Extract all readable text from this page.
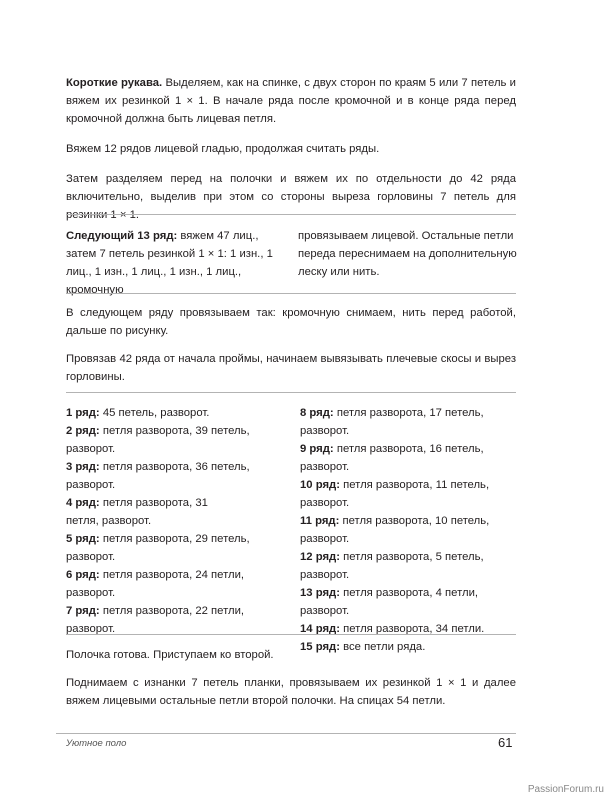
Короткие рукава. Выделяем, как на спинке, с двух сторон по краям 5 или 7 петель и вяжем их резинкой 1 × 1. В начале ряда после кромочной и в конце ряда перед кромочной должна быть лицевая петля.

Вяжем 12 рядов лицевой гладью, продолжая считать ряды.

Затем разделяем перед на полочки и вяжем их по отдельности до 42 ряда включительно, выделив при этом со стороны выреза горловины 7 петель для резинки 1 × 1.

Следующий 13 ряд: вяжем 47 лиц., затем 7 петель резинкой 1 × 1: 1 изн., 1 лиц., 1 изн., 1 лиц., 1 изн., 1 лиц., кромочную

провязываем лицевой. Остальные петли переда переснимаем на дополнительную леску или нить.

В следующем ряду провязываем так: кромочную снимаем, нить перед работой, дальше по рисунку.

Провязав 42 ряда от начала проймы, начинаем вывязывать плечевые скосы и вырез горловины.

1 ряд: 45 петель, разворот.

2 ряд: петля разворота, 39 петель, разворот.

3 ряд: петля разворота, 36 петель, разворот.

4 ряд: петля разворота, 31 петля, разворот.

5 ряд: петля разворота, 29 петель, разворот.

6 ряд: петля разворота, 24 петли, разворот.

7 ряд: петля разворота, 22 петли, разворот.

8 ряд: петля разворота, 17 петель, разворот.

9 ряд: петля разворота, 16 петель, разворот.

10 ряд: петля разворота, 11 петель, разворот.

11 ряд: петля разворота, 10 петель, разворот.

12 ряд: петля разворота, 5 петель, разворот.

13 ряд: петля разворота, 4 петли, разворот.

14 ряд: петля разворота, 34 петли.

15 ряд: все петли ряда.

Полочка готова. Приступаем ко второй.

Поднимаем с изнанки 7 петель планки, провязываем их резинкой 1 × 1 и далее вяжем лицевыми остальные петли второй полочки. На спицах 54 петли.

Уютное поло	61
PassionForum.ru
